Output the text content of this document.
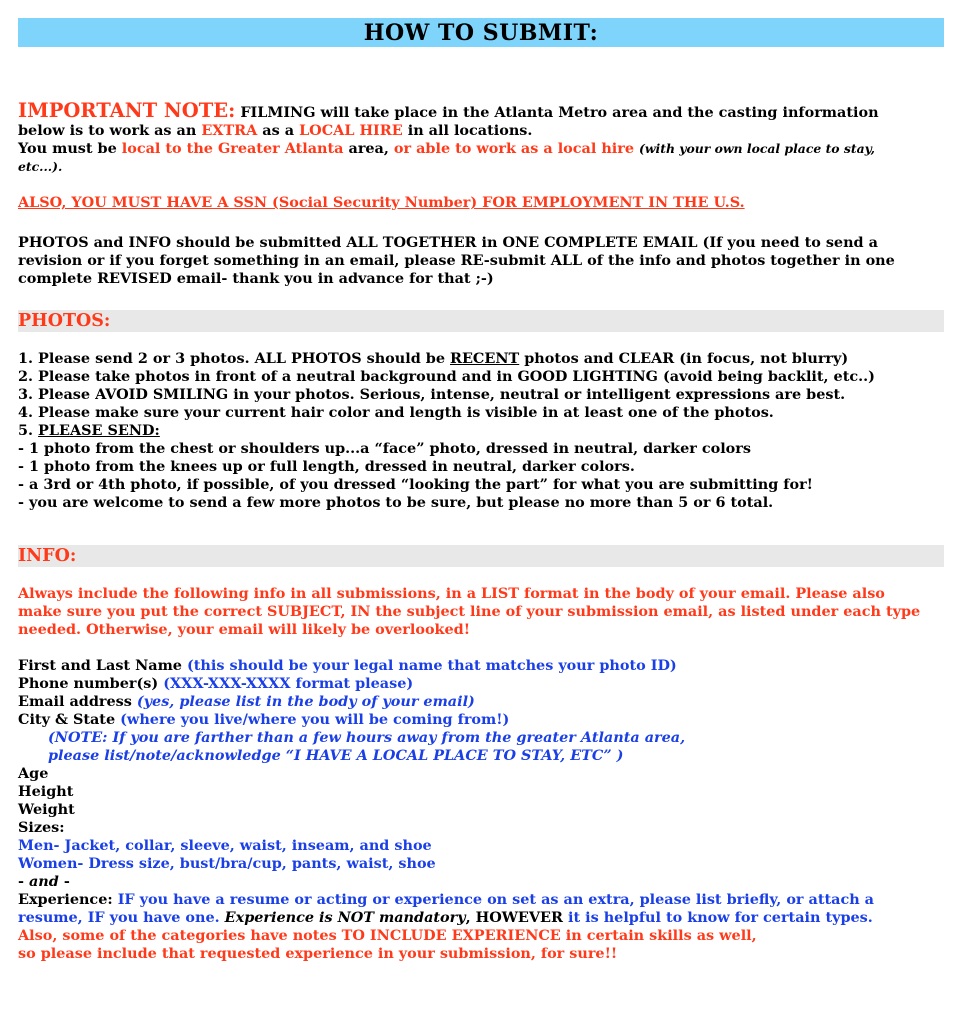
HOW TO SUBMIT:

IMPORTANT NOTE: FILMING will take place in the Atlanta Metro area and the casting information

below is to work as an EXTRA as a LOCAL HIRE in all locations.

You must be local to the Greater Atlanta area, or able to work as a local hire (with your own local place to stay,

etc...).

ALSO, YOU MUST HAVE A SSN (Social Security Number) FOR EMPLOYMENT IN THE U.S.

PHOTOS and INFO should be submitted ALL TOGETHER in ONE COMPLETE EMAIL (If you need to send a

revision or if you forget something in an email, please RE-submit ALL of the info and photos together in one

complete REVISED email- thank you in advance for that ;-)

PHOTOS:

1. Please send 2 or 3 photos. ALL PHOTOS should be RECENT photos and CLEAR (in focus, not blurry)

2. Please take photos in front of a neutral background and in GOOD LIGHTING (avoid being backlit, etc..)

3. Please AVOID SMILING in your photos. Serious, intense, neutral or intelligent expressions are best.

4. Please make sure your current hair color and length is visible in at least one of the photos.

5. PLEASE SEND:

- 1 photo from the chest or shoulders up...a “face” photo, dressed in neutral, darker colors

- 1 photo from the knees up or full length, dressed in neutral, darker colors.

- a 3rd or 4th photo, if possible, of you dressed “looking the part” for what you are submitting for!

- you are welcome to send a few more photos to be sure, but please no more than 5 or 6 total.

INFO:

Always include the following info in all submissions, in a LIST format in the body of your email. Please also

make sure you put the correct SUBJECT, IN the subject line of your submission email, as listed under each type

needed. Otherwise, your email will likely be overlooked!

First and Last Name (this should be your legal name that matches your photo ID)

Phone number(s) (XXX-XXX-XXXX format please)

Email address (yes, please list in the body of your email)

City & State (where you live/where you will be coming from!)

(NOTE: If you are farther than a few hours away from the greater Atlanta area,

please list/note/acknowledge “I HAVE A LOCAL PLACE TO STAY, ETC” )

Age

Height

Weight

Sizes:

Men- Jacket, collar, sleeve, waist, inseam, and shoe

Women- Dress size, bust/bra/cup, pants, waist, shoe

- and -

Experience: IF you have a resume or acting or experience on set as an extra, please list briefly, or attach a

resume, IF you have one. Experience is NOT mandatory, HOWEVER it is helpful to know for certain types.

Also, some of the categories have notes TO INCLUDE EXPERIENCE in certain skills as well,

so please include that requested experience in your submission, for sure!!
